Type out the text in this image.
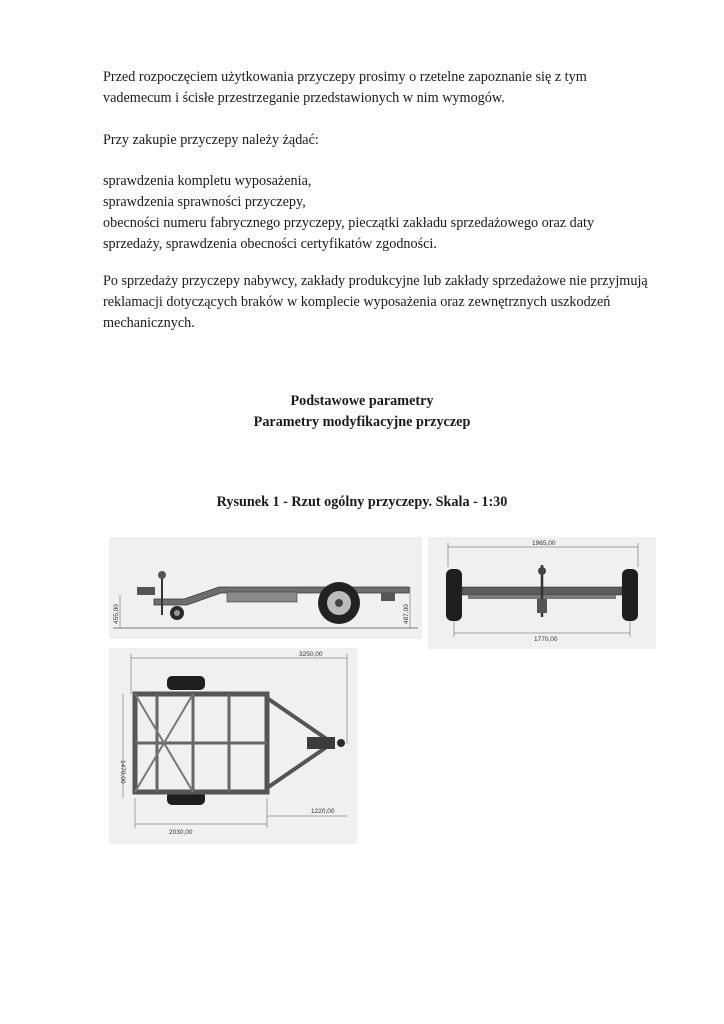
Przed rozpoczęciem użytkowania przyczepy prosimy o rzetelne zapoznanie się z tym
vademecum i ścisłe przestrzeganie przedstawionych w nim wymogów.
Przy zakupie przyczepy należy żądać:
sprawdzenia kompletu wyposażenia,
sprawdzenia sprawności przyczepy,
obecności numeru fabrycznego przyczepy, pieczątki zakładu sprzedażowego oraz daty
sprzedaży, sprawdzenia obecności certyfikatów zgodności.
Po sprzedaży przyczepy nabywcy, zakłady produkcyjne lub zakłady sprzedażowe nie przyjmują
reklamacji dotyczących braków w komplecie wyposażenia oraz zewnętrznych uszkodzeń
mechanicznych.
Podstawowe parametry
Parametry modyfikacyjne przyczep
Rysunek 1 - Rzut ogólny przyczepy. Skala - 1:30
455,00	487,00
1965,00
1770,00
3250,00
1470,00
1220,00
2030,00
